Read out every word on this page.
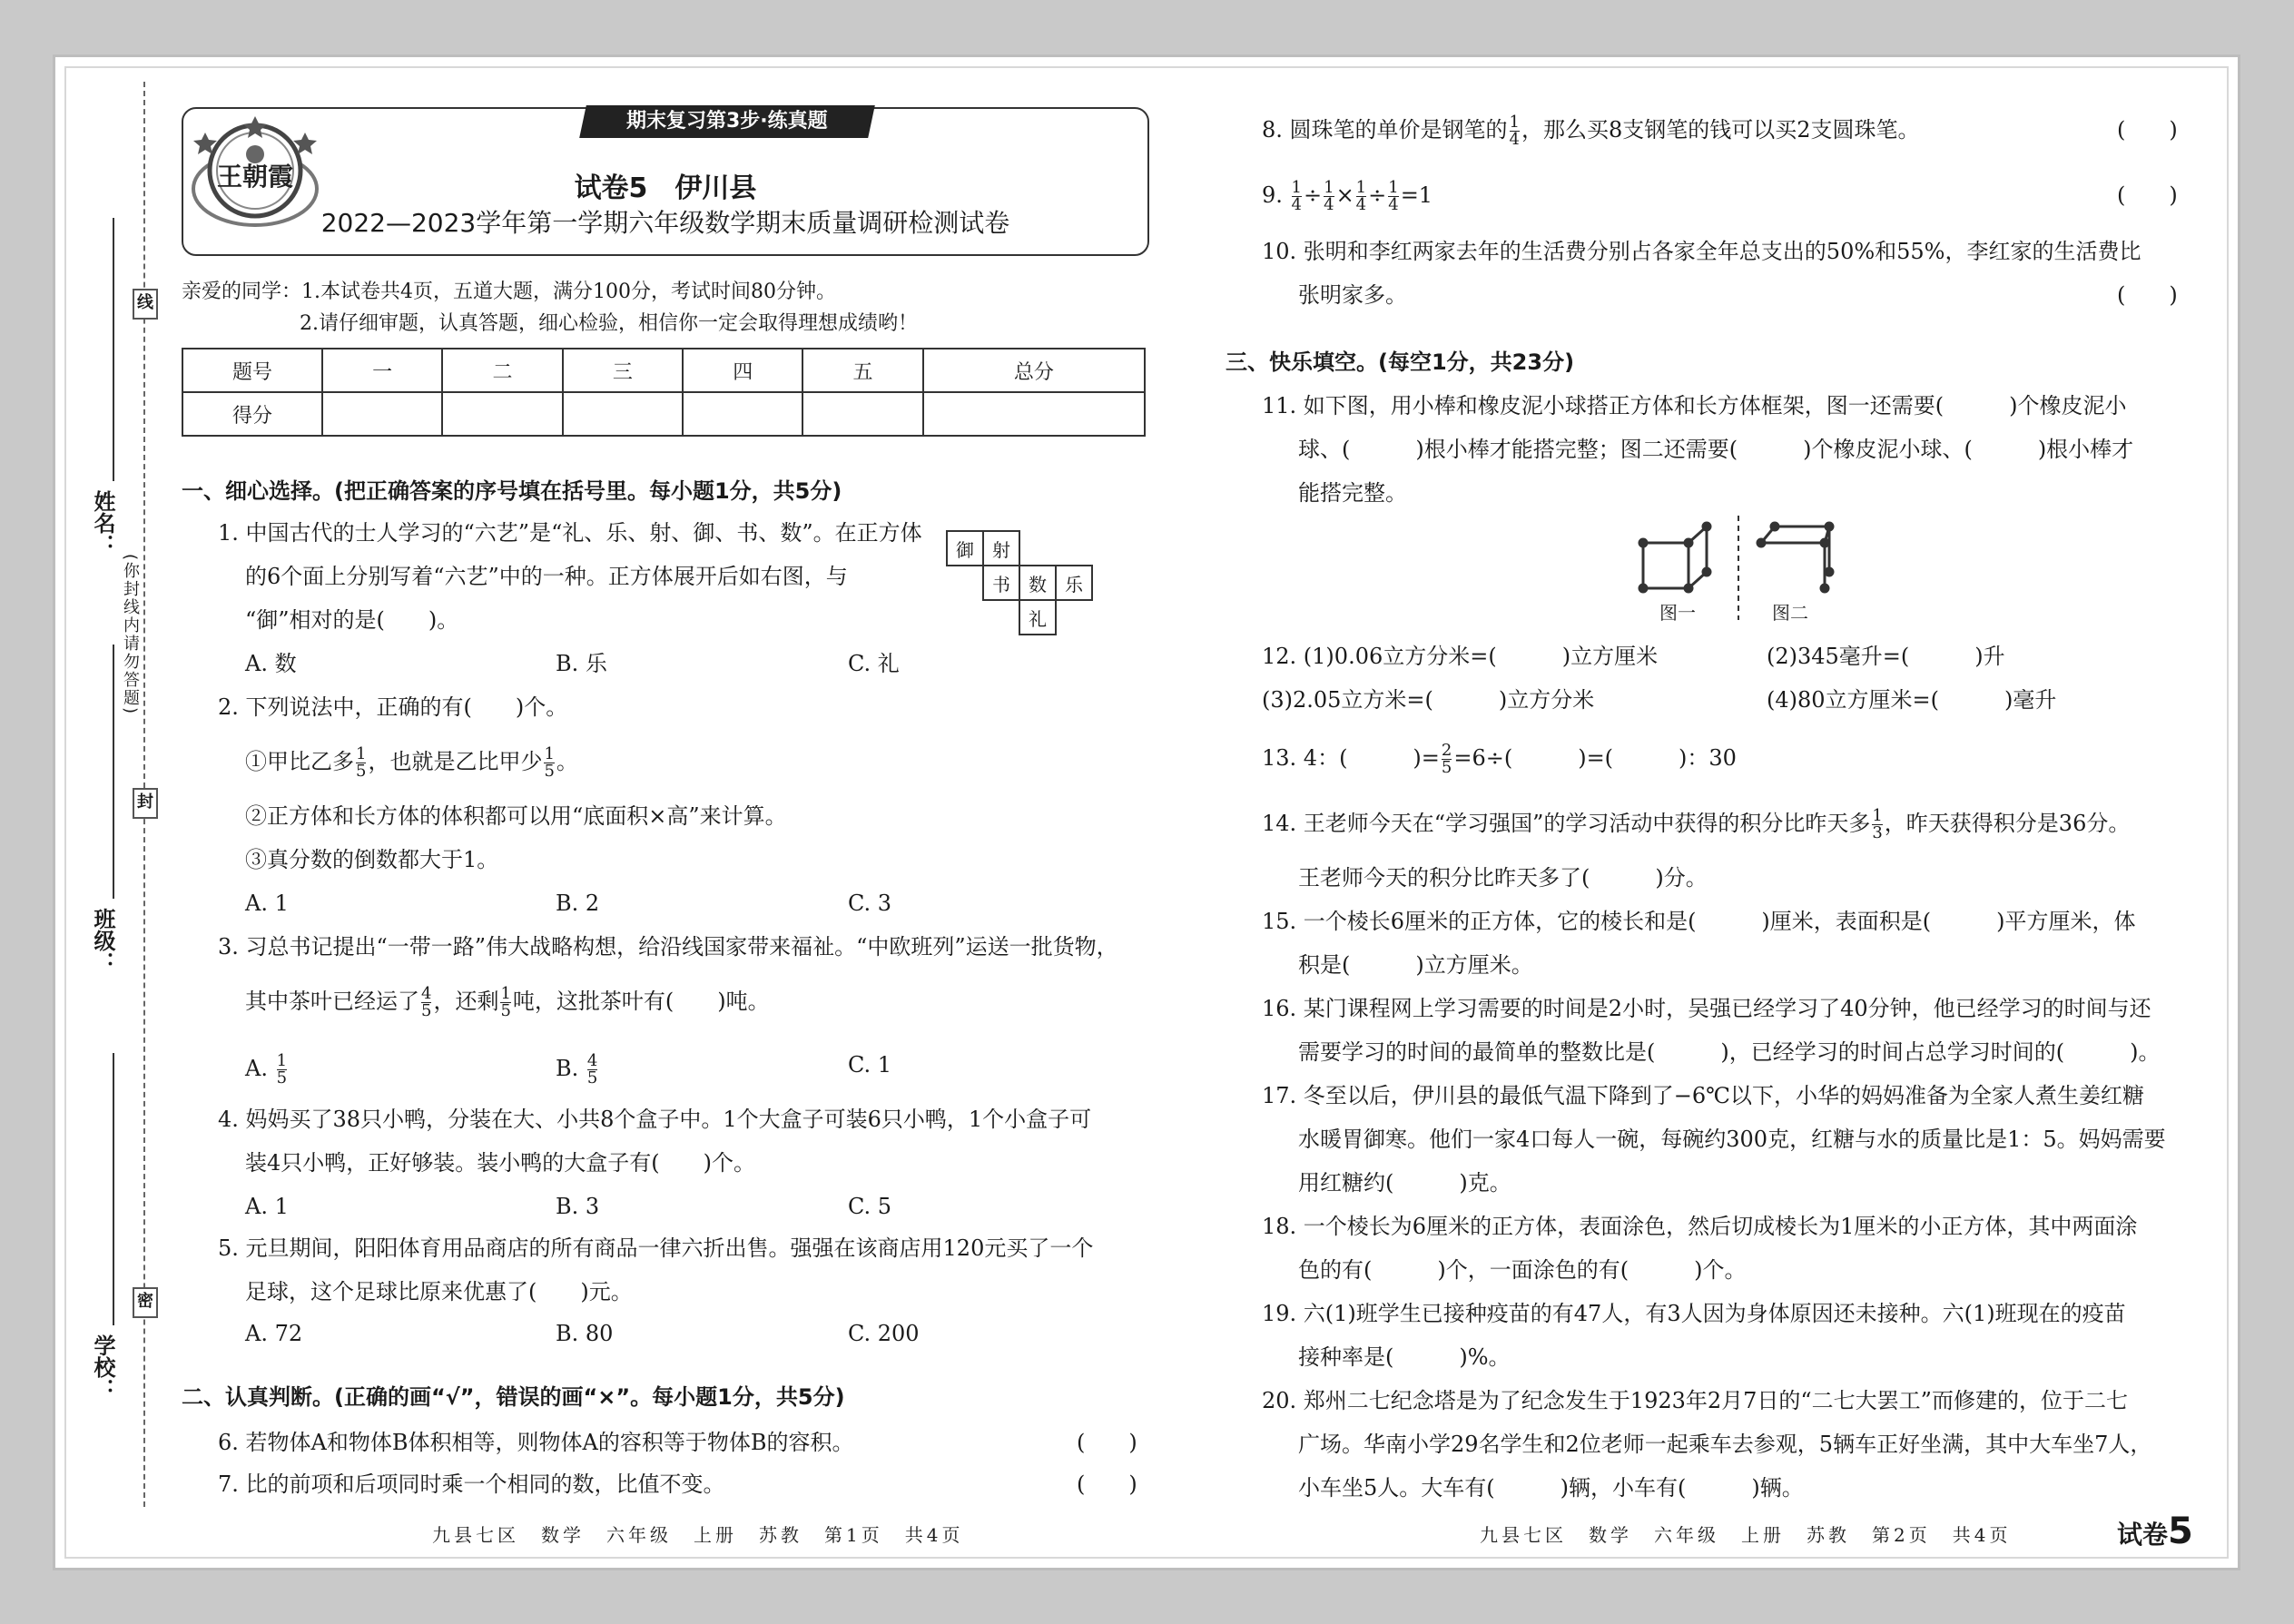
线
封
密
(你封线内请勿答题)
姓名：
班级：
学校：
期末复习第3步·练真题
王朝霞	试卷5　伊川县
2022—2023学年第一学期六年级数学期末质量调研检测试卷
亲爱的同学：1.本试卷共4页，五道大题，满分100分，考试时间80分钟。
2.请仔细审题，认真答题，细心检验，相信你一定会取得理想成绩哟！
题号	一	二	三	四	五	总分
得分						
一、细心选择。(把正确答案的序号填在括号里。每小题1分，共5分)
1. 中国古代的士人学习的“六艺”是“礼、乐、射、御、书、数”。在正方体
的6个面上分别写着“六艺”中的一种。正方体展开后如右图，与
“御”相对的是(　　)。
御	射		
	书	数	乐
		礼	
A. 数	B. 乐	C. 礼
2. 下列说法中，正确的有(　　)个。
①甲比乙多 $\frac{1}{5}$ ，也就是乙比甲少 $\frac{1}{5}$ 。
②正方体和长方体的体积都可以用“底面积×高”来计算。
③真分数的倒数都大于1。
A. 1	B. 2	C. 3
3. 习总书记提出“一带一路”伟大战略构想，给沿线国家带来福祉。“中欧班列”运送一批货物，
其中茶叶已经运了 $\frac{4}{5}$ ，还剩 $\frac{1}{5}$ 吨，这批茶叶有(　　)吨。
A. $\frac{1}{5}$	B. $\frac{4}{5}$	C. 1
4. 妈妈买了38只小鸭，分装在大、小共8个盒子中。1个大盒子可装6只小鸭，1个小盒子可
装4只小鸭，正好够装。装小鸭的大盒子有(　　)个。
A. 1	B. 3	C. 5
5. 元旦期间，阳阳体育用品商店的所有商品一律六折出售。强强在该商店用120元买了一个
足球，这个足球比原来优惠了(　　)元。
A. 72	B. 80	C. 200
二、认真判断。(正确的画“√”，错误的画“×”。每小题1分，共5分)
6. 若物体A和物体B体积相等，则物体A的容积等于物体B的容积。	(　　)
7. 比的前项和后项同时乘一个相同的数，比值不变。	(　　)
九县七区　数学　六年级　上册　苏教　第1页　共4页
8. 圆珠笔的单价是钢笔的 $\frac{1}{4}$ ，那么买8支钢笔的钱可以买2支圆珠笔。	(　　)
9. $\frac{1}{4} \div \frac{1}{4} \times \frac{1}{4} \div \frac{1}{4} =1$	(　　)
10. 张明和李红两家去年的生活费分别占各家全年总支出的50%和55%，李红家的生活费比
张明家多。	(　　)
三、快乐填空。(每空1分，共23分)
11. 如下图，用小棒和橡皮泥小球搭正方体和长方体框架，图一还需要(　　　)个橡皮泥小
球、(　　　)根小棒才能搭完整；图二还需要(　　　)个橡皮泥小球、(　　　)根小棒才
能搭完整。
图一	图二
12. (1)0.06立方分米=(　　　)立方厘米	(2)345毫升=(　　　)升
(3)2.05立方米=(　　　)立方分米	(4)80立方厘米=(　　　)毫升
13. 4：(　　　)= $\frac{2}{5} =6\div$(　　　)=(　　　)：30
14. 王老师今天在“学习强国”的学习活动中获得的积分比昨天多 $\frac{1}{3}$ ，昨天获得积分是36分。
王老师今天的积分比昨天多了(　　　)分。
15. 一个棱长6厘米的正方体，它的棱长和是(　　　)厘米，表面积是(　　　)平方厘米，体
积是(　　　)立方厘米。
16. 某门课程网上学习需要的时间是2小时，吴强已经学习了40分钟，他已经学习的时间与还
需要学习的时间的最简单的整数比是(　　　)，已经学习的时间占总学习时间的(　　　)。
17. 冬至以后，伊川县的最低气温下降到了−6℃以下，小华的妈妈准备为全家人煮生姜红糖
水暖胃御寒。他们一家4口每人一碗，每碗约300克，红糖与水的质量比是1：5。妈妈需要
用红糖约(　　　)克。
18. 一个棱长为6厘米的正方体，表面涂色，然后切成棱长为1厘米的小正方体，其中两面涂
色的有(　　　)个，一面涂色的有(　　　)个。
19. 六(1)班学生已接种疫苗的有47人，有3人因为身体原因还未接种。六(1)班现在的疫苗
接种率是(　　　)%。
20. 郑州二七纪念塔是为了纪念发生于1923年2月7日的“二七大罢工”而修建的，位于二七
广场。华南小学29名学生和2位老师一起乘车去参观，5辆车正好坐满，其中大车坐7人，
小车坐5人。大车有(　　　)辆，小车有(　　　)辆。
九县七区　数学　六年级　上册　苏教　第2页　共4页	试卷5
